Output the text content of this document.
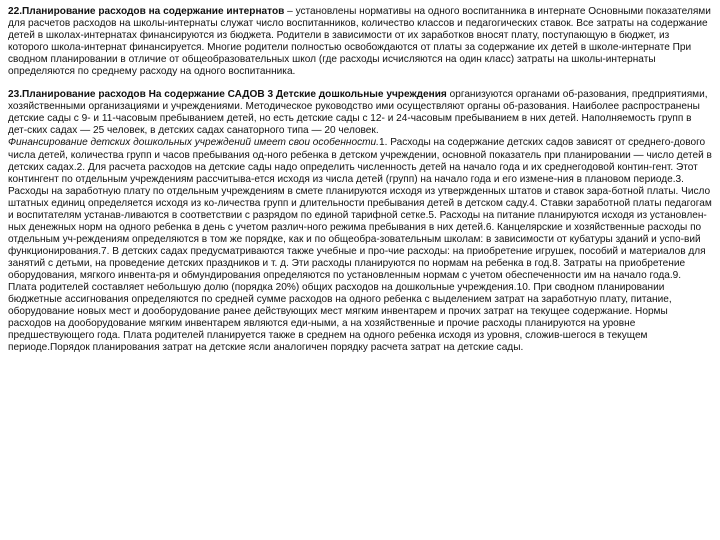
22.Планирование расходов на содержание интернатов – установлены нормативы на одного воспитанника в интернате Основными показателями для расчетов расходов на школы-интернаты служат число воспитанников, количество классов и педагогических ставок. Все затраты на содержание детей в школах-интернатах финансируются из бюджета. Родители в зависимости от их заработков вносят плату, поступающую в бюджет, из которого школа-интернат финансируется. Многие родители полностью освобождаются от платы за содержание их детей в школе-интернате При сводном планировании в отличие от общеобразовательных школ (где расходы исчисляются на один класс) затраты на школы-интернаты определяются по среднему расходу на одного воспитанника.

23.Планирование расходов На содержание САДОВ 3 Детские дошкольные учреждения организуются органами об-разования, предприятиями, хозяйственными организациями и учреждениями. Методическое руководство ими осуществляют органы об-разования. Наиболее распространены детские сады с 9- и 11-часовым пребыванием детей, но есть детские сады с 12- и 24-часовым пребыванием в них детей. Наполняемость групп в дет-ских садах — 25 человек, в детских садах санаторного типа — 20 человек.
Финансирование детских дошкольных учреждений имеет свои особенности.1. Расходы на содержание детских садов зависят от среднего-дового числа детей, количества групп и часов пребывания од-ного ребенка в детском учреждении, основной показатель при планировании — число детей в детских садах.2. Для расчета расходов на детские сады надо определить численность детей на начало года и их среднегодовой контин-гент. Этот контингент по отдельным учреждениям рассчитыва-ется исходя из числа детей (групп) на начало года и его измене-ния в плановом периоде.3. Расходы на заработную плату по отдельным учреждениям в смете планируются исходя из утвержденных штатов и ставок зара-ботной платы. Число штатных единиц определяется исходя из ко-личества групп и длительности пребывания детей в детском саду.4. Ставки заработной платы педагогам и воспитателям устанав-ливаются в соответствии с разрядом по единой тарифной сетке.5. Расходы на питание планируются исходя из установлен-ных денежных норм на одного ребенка в день с учетом различ-ного режима пребывания в них детей.6. Канцелярские и хозяйственные расходы по отдельным уч-реждениям определяются в том же порядке, как и по общеобра-зовательным школам: в зависимости от кубатуры зданий и успо-вий функционирования.7. В детских садах предусматриваются также учебные и про-чие расходы: на приобретение игрушек, пособий и материалов для занятий с детьми, на проведение детских праздников и т. д. Эти расходы планируются по нормам на ребенка в год.8. Затраты на приобретение оборудования, мягкого инвента-ря и обмундирования определяются по установленным нормам с учетом обеспеченности им на начало года.9. Плата родителей составляет небольшую долю (порядка 20%) общих расходов на дошкольные учреждения.10. При сводном планировании бюджетные ассигнования определяются по средней сумме расходов на одного ребенка с выделением затрат на заработную плату, питание, оборудование новых мест и дооборудование ранее действующих мест мягким инвентарем и прочих затрат на текущее содержание. Нормы расходов на дооборудование мягким инвентарем являются еди-ными, а на хозяйственные и прочие расходы планируются на уровне предшествующего года. Плата родителей планируется также в среднем на одного ребенка исходя из уровня, сложив-шегося в текущем периоде.Порядок планирования затрат на детские ясли аналогичен порядку расчета затрат на детские сады.
